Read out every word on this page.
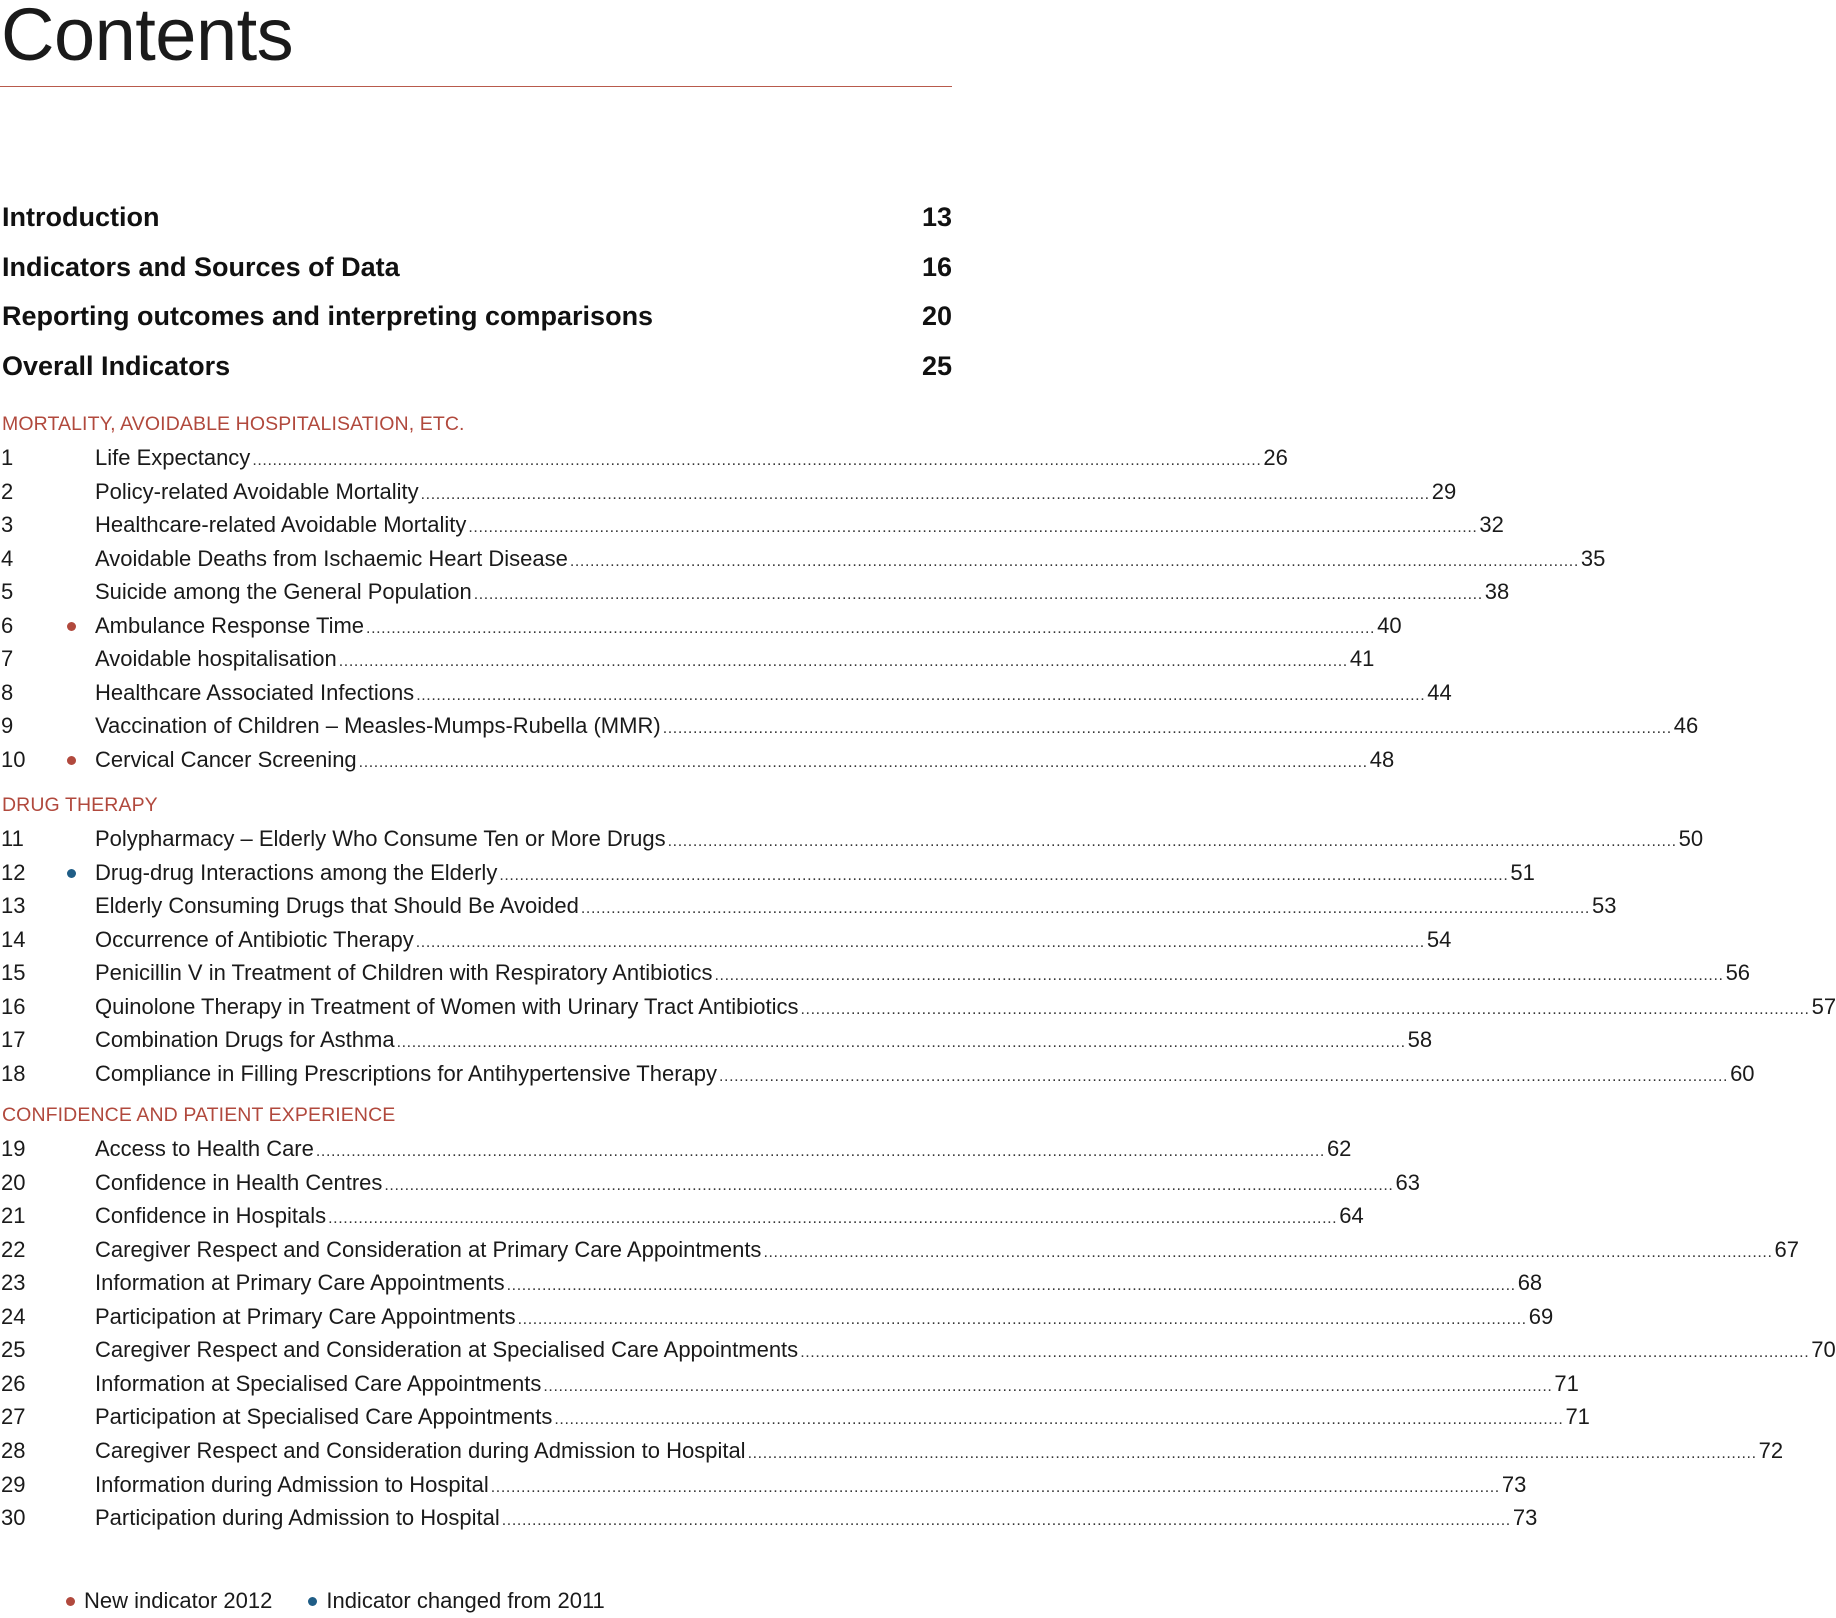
Contents
Introduction	13
Indicators and Sources of Data	16
Reporting outcomes and interpreting comparisons	20
Overall Indicators	25
MORTALITY, AVOIDABLE HOSPITALISATION, ETC.
1	Life Expectancy ........................................................................................................................................................................................................ 26
2	Policy-related Avoidable Mortality ........................................................................................................................................................................................................ 29
3	Healthcare-related Avoidable Mortality ........................................................................................................................................................................................................ 32
4	Avoidable Deaths from Ischaemic Heart Disease ........................................................................................................................................................................................................ 35
5	Suicide among the General Population ........................................................................................................................................................................................................ 38
6	Ambulance Response Time ........................................................................................................................................................................................................ 40
7	Avoidable hospitalisation ........................................................................................................................................................................................................ 41
8	Healthcare Associated Infections ........................................................................................................................................................................................................ 44
9	Vaccination of Children – Measles-Mumps-Rubella (MMR) ........................................................................................................................................................................................................ 46
10	Cervical Cancer Screening ........................................................................................................................................................................................................ 48
DRUG THERAPY
11	Polypharmacy – Elderly Who Consume Ten or More Drugs ........................................................................................................................................................................................................ 50
12	Drug-drug Interactions among the Elderly ........................................................................................................................................................................................................ 51
13	Elderly Consuming Drugs that Should Be Avoided ........................................................................................................................................................................................................ 53
14	Occurrence of Antibiotic Therapy ........................................................................................................................................................................................................ 54
15	Penicillin V in Treatment of Children with Respiratory Antibiotics ........................................................................................................................................................................................................ 56
16	Quinolone Therapy in Treatment of Women with Urinary Tract Antibiotics ........................................................................................................................................................................................................ 57
17	Combination Drugs for Asthma ........................................................................................................................................................................................................ 58
18	Compliance in Filling Prescriptions for Antihypertensive Therapy ........................................................................................................................................................................................................ 60
CONFIDENCE AND PATIENT EXPERIENCE
19	Access to Health Care ........................................................................................................................................................................................................ 62
20	Confidence in Health Centres ........................................................................................................................................................................................................ 63
21	Confidence in Hospitals ........................................................................................................................................................................................................ 64
22	Caregiver Respect and Consideration at Primary Care Appointments ........................................................................................................................................................................................................ 67
23	Information at Primary Care Appointments ........................................................................................................................................................................................................ 68
24	Participation at Primary Care Appointments ........................................................................................................................................................................................................ 69
25	Caregiver Respect and Consideration at Specialised Care Appointments ........................................................................................................................................................................................................ 70
26	Information at Specialised Care Appointments ........................................................................................................................................................................................................ 71
27	Participation at Specialised Care Appointments ........................................................................................................................................................................................................ 71
28	Caregiver Respect and Consideration during Admission to Hospital ........................................................................................................................................................................................................ 72
29	Information during Admission to Hospital ........................................................................................................................................................................................................ 73
30	Participation during Admission to Hospital ........................................................................................................................................................................................................ 73
New indicator 2012 Indicator changed from 2011
